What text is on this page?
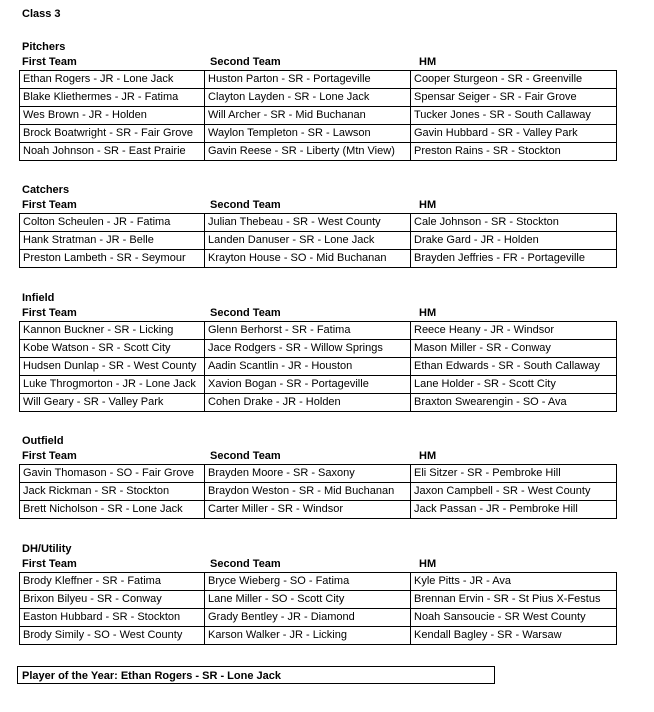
Class 3
Pitchers
First Team	Second Team	HM
Ethan Rogers - JR - Lone Jack	Huston Parton - SR - Portageville	Cooper Sturgeon - SR - Greenville
Blake Kliethermes - JR - Fatima	Clayton Layden - SR - Lone Jack	Spensar Seiger - SR - Fair Grove
Wes Brown - JR - Holden	Will Archer - SR - Mid Buchanan	Tucker Jones - SR - South Callaway
Brock Boatwright - SR - Fair Grove	Waylon Templeton - SR - Lawson	Gavin Hubbard - SR - Valley Park
Noah Johnson - SR - East Prairie	Gavin Reese - SR - Liberty (Mtn View)	Preston Rains - SR - Stockton
Catchers
First Team	Second Team	HM
Colton Scheulen - JR - Fatima	Julian Thebeau - SR - West County	Cale Johnson - SR - Stockton
Hank Stratman - JR - Belle	Landen Danuser - SR - Lone Jack	Drake Gard - JR - Holden
Preston Lambeth - SR - Seymour	Krayton House - SO - Mid Buchanan	Brayden Jeffries - FR - Portageville
Infield
First Team	Second Team	HM
Kannon Buckner - SR - Licking	Glenn Berhorst - SR - Fatima	Reece Heany - JR - Windsor
Kobe Watson - SR - Scott City	Jace Rodgers - SR - Willow Springs	Mason Miller - SR - Conway
Hudsen Dunlap - SR - West County	Aadin Scantlin - JR - Houston	Ethan Edwards - SR - South Callaway
Luke Throgmorton - JR - Lone Jack	Xavion Bogan - SR - Portageville	Lane Holder - SR - Scott City
Will Geary - SR - Valley Park	Cohen Drake - JR - Holden	Braxton Swearengin - SO - Ava
Outfield
First Team	Second Team	HM
Gavin Thomason - SO - Fair Grove	Brayden Moore - SR - Saxony	Eli Sitzer - SR - Pembroke Hill
Jack Rickman - SR - Stockton	Braydon Weston - SR - Mid Buchanan	Jaxon Campbell - SR - West County
Brett Nicholson - SR - Lone Jack	Carter Miller - SR - Windsor	Jack Passan - JR - Pembroke Hill
DH/Utility
First Team	Second Team	HM
Brody Kleffner - SR - Fatima	Bryce Wieberg - SO - Fatima	Kyle Pitts - JR - Ava
Brixon Bilyeu - SR - Conway	Lane Miller - SO - Scott City	Brennan Ervin - SR - St Pius X-Festus
Easton Hubbard - SR - Stockton	Grady Bentley - JR - Diamond	Noah Sansoucie - SR West County
Brody Simily - SO - West County	Karson Walker - JR - Licking	Kendall Bagley - SR - Warsaw
Player of the Year: Ethan Rogers - SR - Lone Jack
